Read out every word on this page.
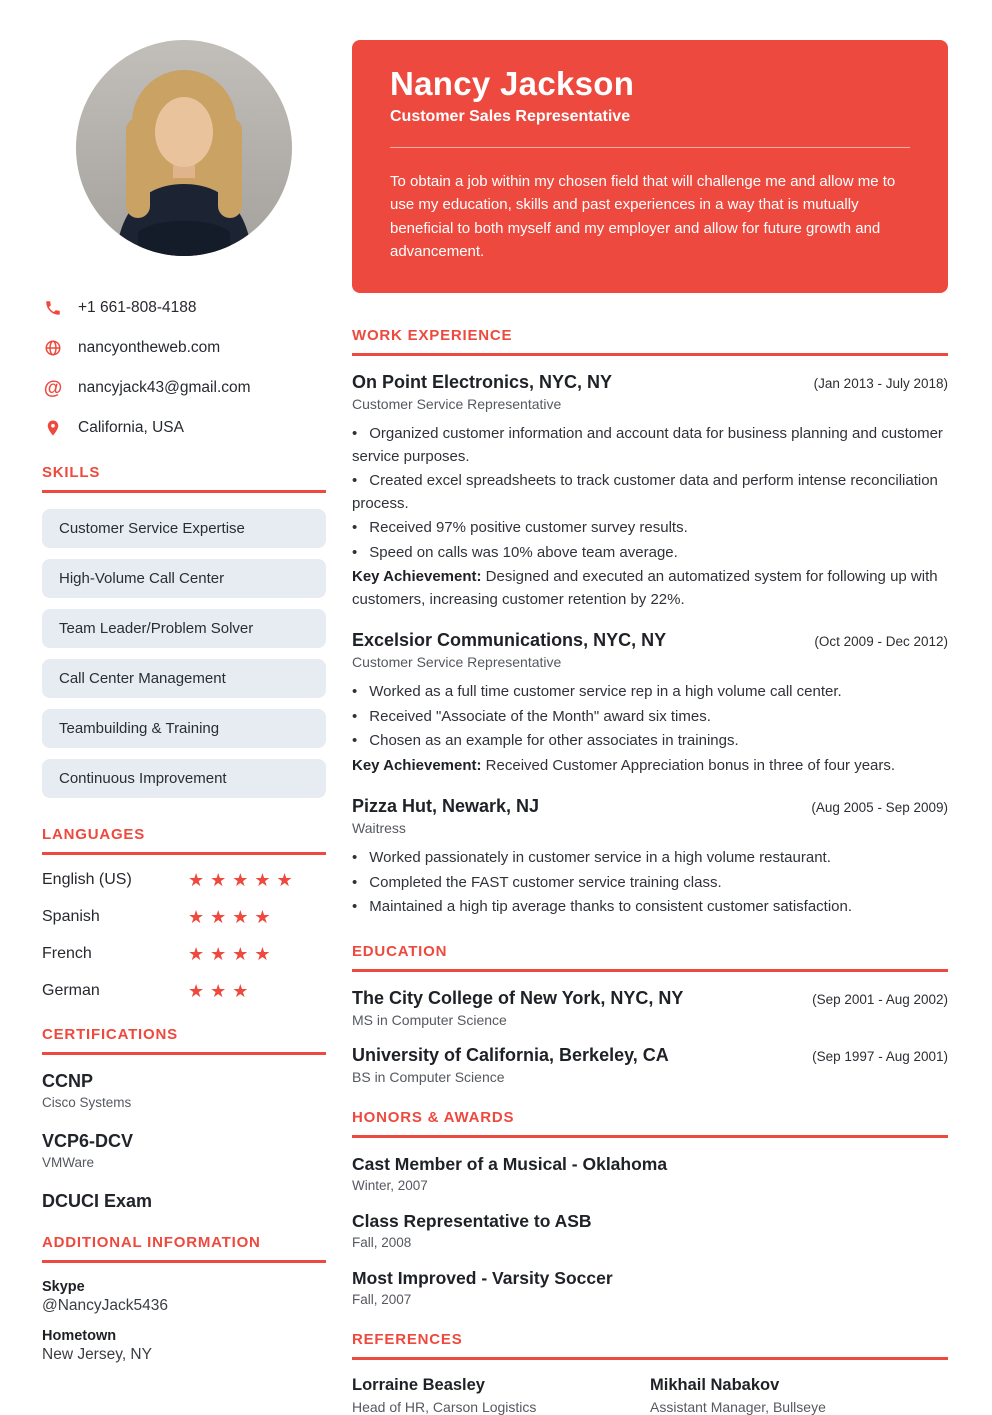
+1 661-808-4188
nancyontheweb.com
@ nancyjack43@gmail.com
California, USA
SKILLS
Customer Service Expertise
High-Volume Call Center
Team Leader/Problem Solver
Call Center Management
Teambuilding & Training
Continuous Improvement
LANGUAGES
English (US)	★★★★★
Spanish	★★★★
French	★★★★
German	★★★
CERTIFICATIONS
CCNP
Cisco Systems
VCP6-DCV
VMWare
DCUCI Exam
ADDITIONAL INFORMATION
Skype
@NancyJack5436
Hometown
New Jersey, NY
Nancy Jackson
Customer Sales Representative

To obtain a job within my chosen field that will challenge me and allow me to use my education, skills and past experiences in a way that is mutually beneficial to both myself and my employer and allow for future growth and advancement.

WORK EXPERIENCE
On Point Electronics, NYC, NY	(Jan 2013 - July 2018)
Customer Service Representative
• Organized customer information and account data for business planning and customer service purposes.
• Created excel spreadsheets to track customer data and perform intense reconciliation process.
• Received 97% positive customer survey results.
• Speed on calls was 10% above team average.

Key Achievement: Designed and executed an automatized system for following up with customers, increasing customer retention by 22%.

Excelsior Communications, NYC, NY	(Oct 2009 - Dec 2012)
Customer Service Representative
• Worked as a full time customer service rep in a high volume call center.
• Received "Associate of the Month" award six times.
• Chosen as an example for other associates in trainings.

Key Achievement: Received Customer Appreciation bonus in three of four years.

Pizza Hut, Newark, NJ	(Aug 2005 - Sep 2009)
Waitress
• Worked passionately in customer service in a high volume restaurant.
• Completed the FAST customer service training class.
• Maintained a high tip average thanks to consistent customer satisfaction.
EDUCATION
The City College of New York, NYC, NY	(Sep 2001 - Aug 2002)
MS in Computer Science
University of California, Berkeley, CA	(Sep 1997 - Aug 2001)
BS in Computer Science
HONORS & AWARDS
Cast Member of a Musical - Oklahoma
Winter, 2007
Class Representative to ASB
Fall, 2008
Most Improved - Varsity Soccer
Fall, 2007
REFERENCES
Lorraine Beasley
Head of HR, Carson Logistics
Mikhail Nabakov
Assistant Manager, Bullseye
